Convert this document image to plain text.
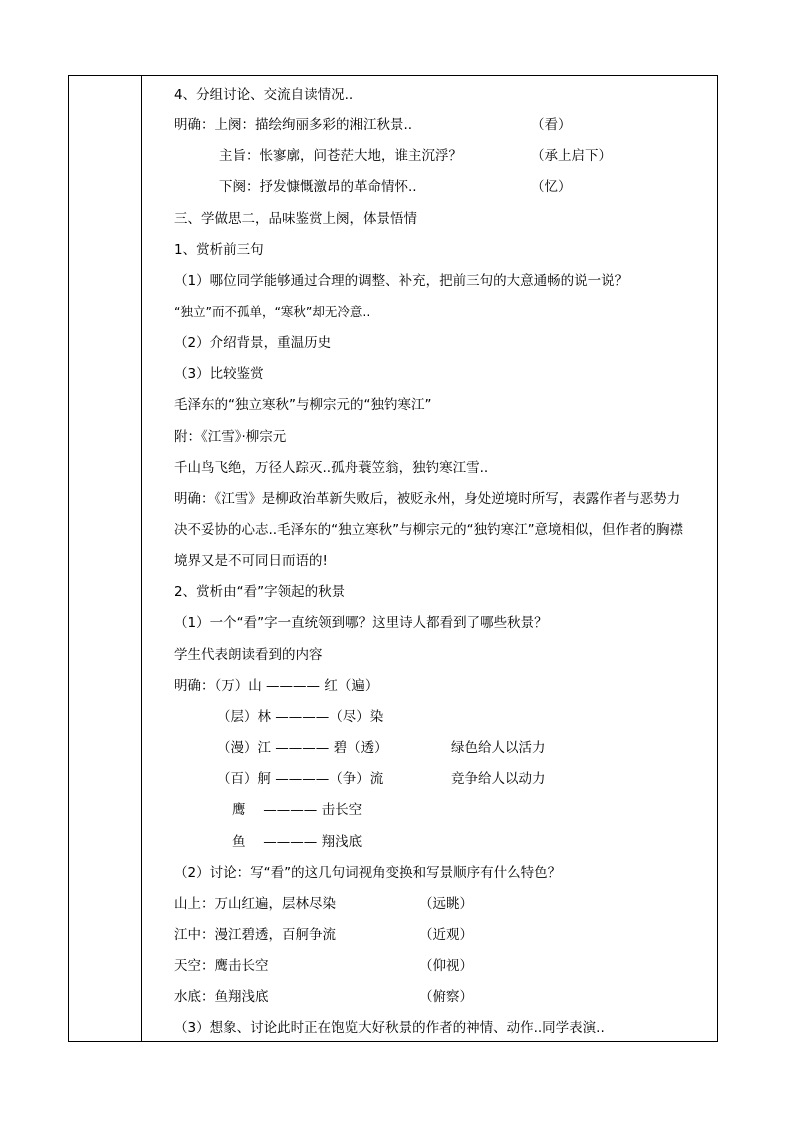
4、分组讨论、交流自读情况..
明确：上阕：描绘绚丽多彩的湘江秋景..	（看）
主旨：怅寥廓，问苍茫大地，谁主沉浮？	（承上启下）
下阕：抒发慷慨激昂的革命情怀..	（忆）
三、学做思二，品味鉴赏上阕，体景悟情
1、赏析前三句
（1）哪位同学能够通过合理的调整、补充，把前三句的大意通畅的说一说？
“独立”而不孤单，“寒秋”却无冷意..
（2）介绍背景，重温历史
（3）比较鉴赏
毛泽东的“独立寒秋”与柳宗元的“独钓寒江”
附：《江雪》·柳宗元
千山鸟飞绝，万径人踪灭..孤舟蓑笠翁，独钓寒江雪..
明确：《江雪》是柳政治革新失败后，被贬永州，身处逆境时所写，表露作者与恶势力
决不妥协的心志..毛泽东的“独立寒秋”与柳宗元的“独钓寒江”意境相似，但作者的胸襟
境界又是不可同日而语的!
2、赏析由“看”字领起的秋景
（1）一个“看”字一直统领到哪？这里诗人都看到了哪些秋景？
学生代表朗读看到的内容
明确：（万）山 ———— 红（遍）
（层）林 ————（尽）染
（漫）江 ———— 碧（透）	绿色给人以活力
（百）舸 ————（争）流	竞争给人以动力
鹰　 ———— 击长空
鱼　 ———— 翔浅底
（2）讨论：写“看”的这几句词视角变换和写景顺序有什么特色？
山上：万山红遍，层林尽染	（远眺）
江中：漫江碧透，百舸争流	（近观）
天空：鹰击长空	（仰视）
水底：鱼翔浅底	（俯察）
（3）想象、讨论此时正在饱览大好秋景的作者的神情、动作..同学表演..
